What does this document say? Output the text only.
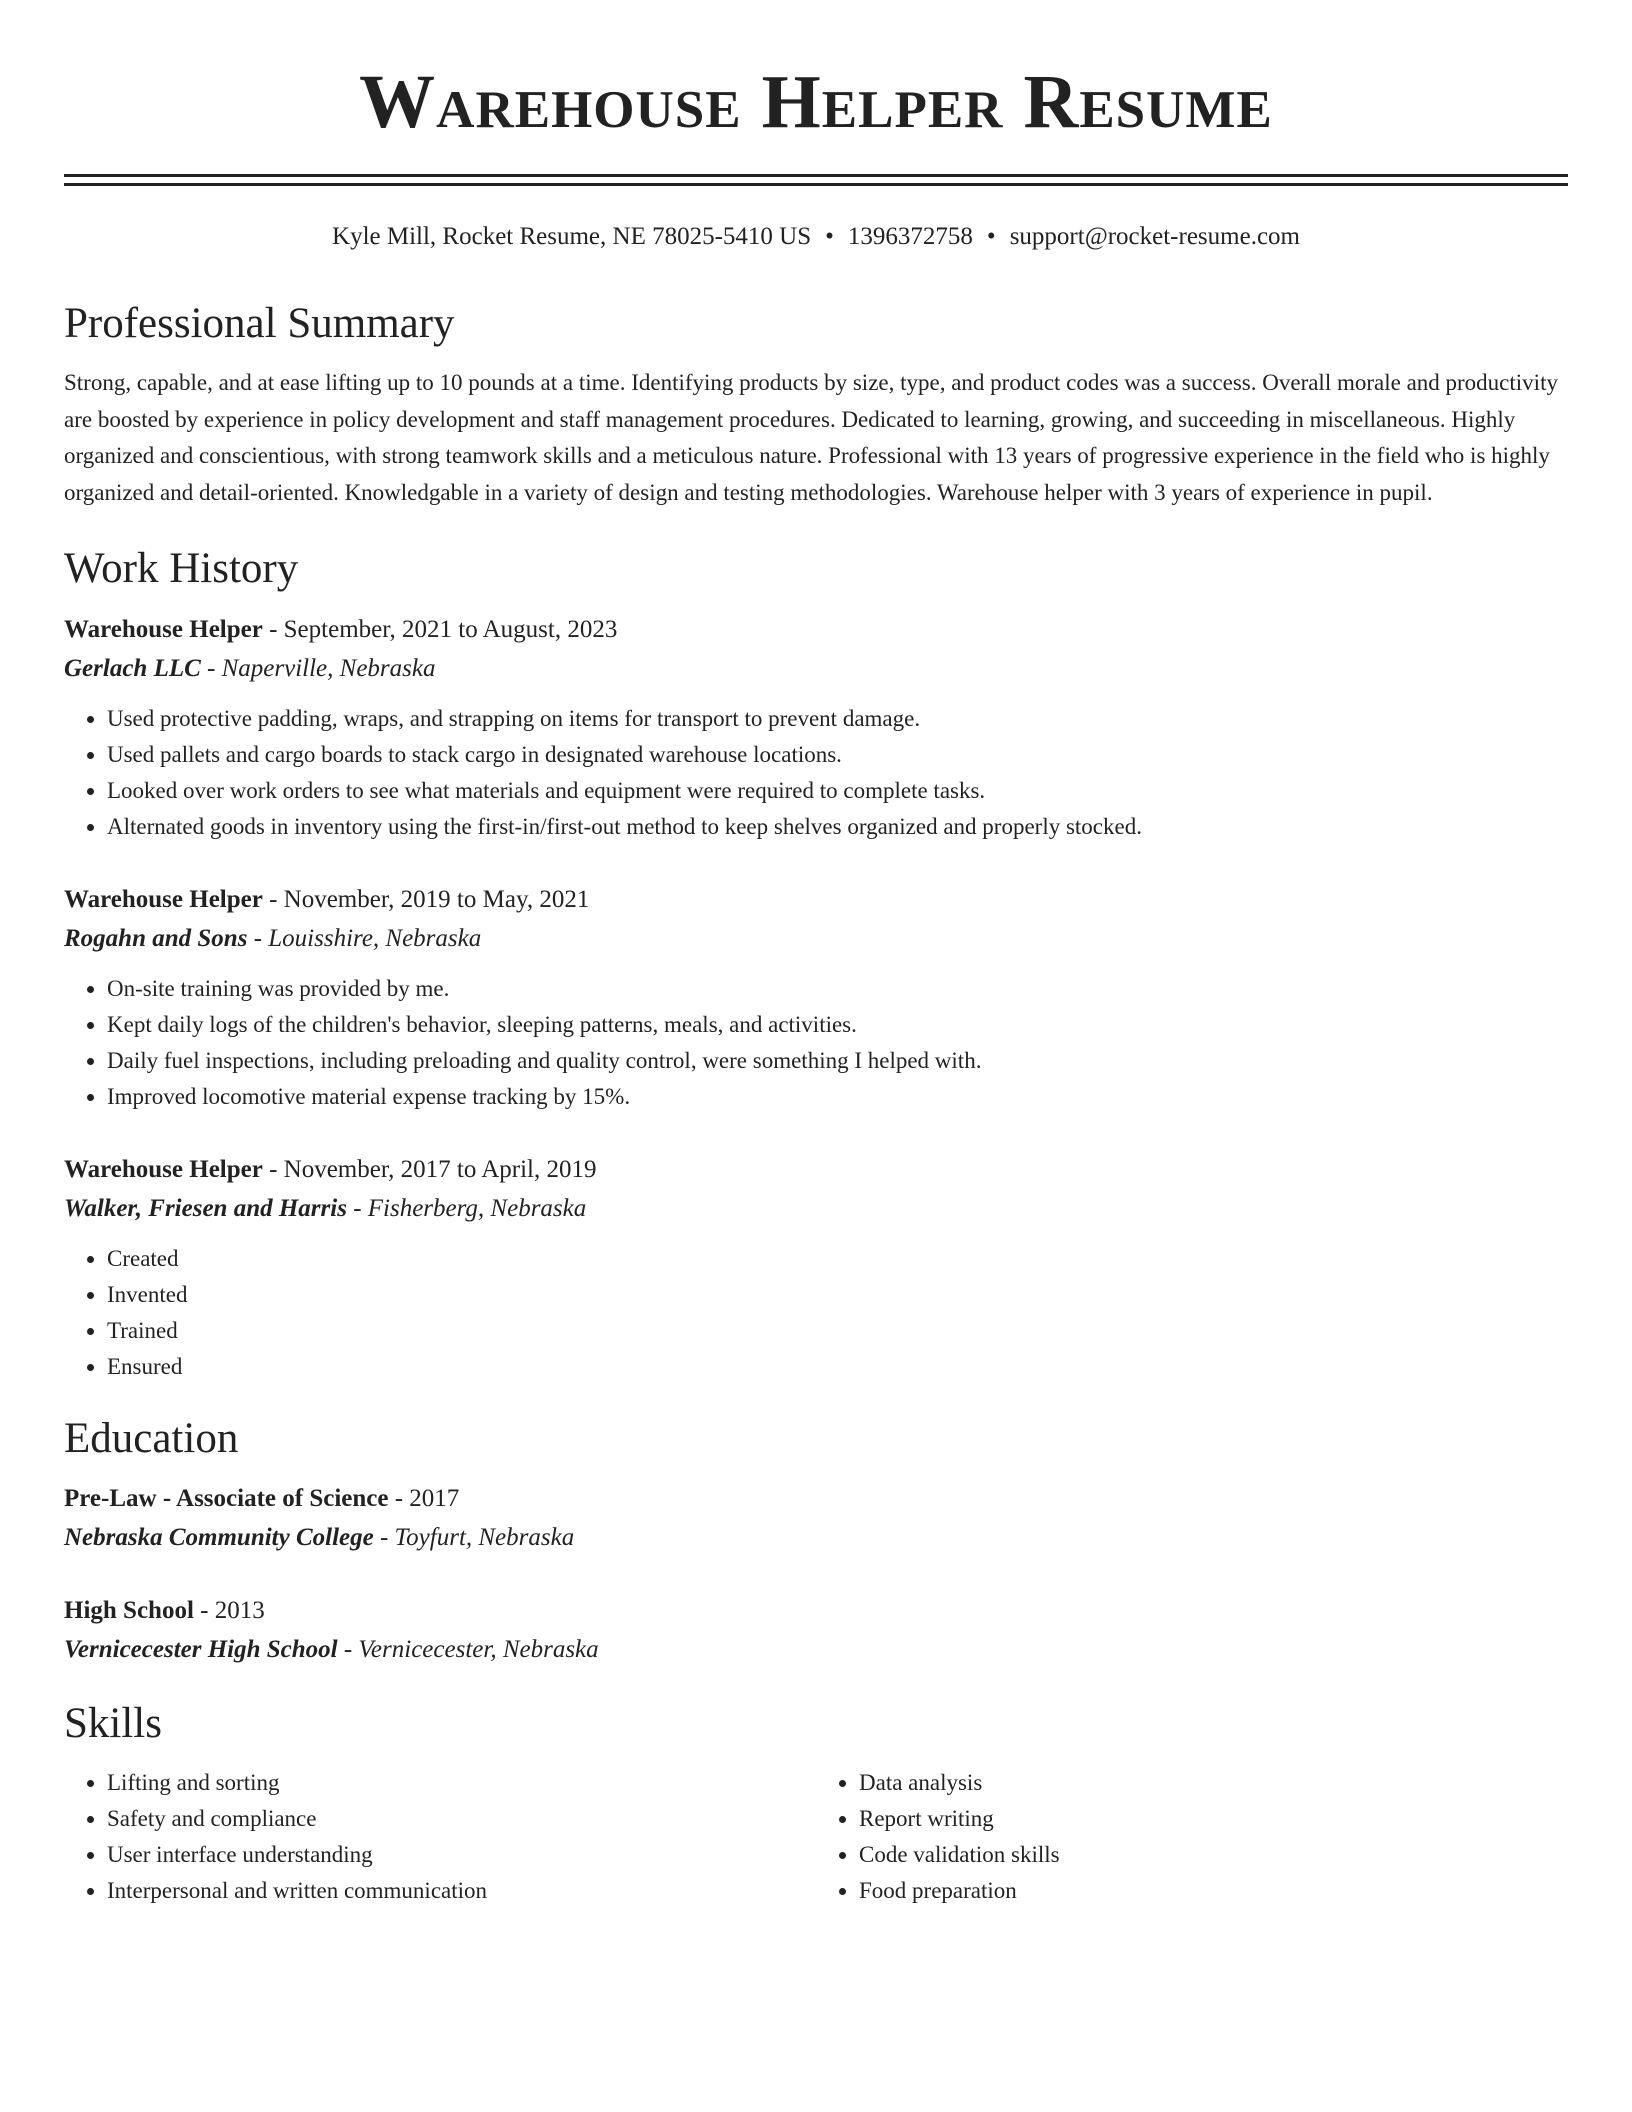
Warehouse Helper Resume
Kyle Mill, Rocket Resume, NE 78025-5410 US • 1396372758 • support@rocket-resume.com
Professional Summary

Strong, capable, and at ease lifting up to 10 pounds at a time. Identifying products by size, type, and product codes was a success. Overall morale and productivity are boosted by experience in policy development and staff management procedures. Dedicated to learning, growing, and succeeding in miscellaneous. Highly organized and conscientious, with strong teamwork skills and a meticulous nature. Professional with 13 years of progressive experience in the field who is highly organized and detail-oriented. Knowledgable in a variety of design and testing methodologies. Warehouse helper with 3 years of experience in pupil.

Work History
Warehouse Helper - September, 2021 to August, 2023
Gerlach LLC - Naperville, Nebraska
• Used protective padding, wraps, and strapping on items for transport to prevent damage.
• Used pallets and cargo boards to stack cargo in designated warehouse locations.
• Looked over work orders to see what materials and equipment were required to complete tasks.
• Alternated goods in inventory using the first-in/first-out method to keep shelves organized and properly stocked.
Warehouse Helper - November, 2019 to May, 2021
Rogahn and Sons - Louisshire, Nebraska
• On-site training was provided by me.
• Kept daily logs of the children's behavior, sleeping patterns, meals, and activities.
• Daily fuel inspections, including preloading and quality control, were something I helped with.
• Improved locomotive material expense tracking by 15%.
Warehouse Helper - November, 2017 to April, 2019
Walker, Friesen and Harris - Fisherberg, Nebraska
• Created
• Invented
• Trained
• Ensured
Education
Pre-Law - Associate of Science - 2017
Nebraska Community College - Toyfurt, Nebraska
High School - 2013
Vernicecester High School - Vernicecester, Nebraska
Skills
• Lifting and sorting
• Safety and compliance
• User interface understanding
• Interpersonal and written communication
• Data analysis
• Report writing
• Code validation skills
• Food preparation
